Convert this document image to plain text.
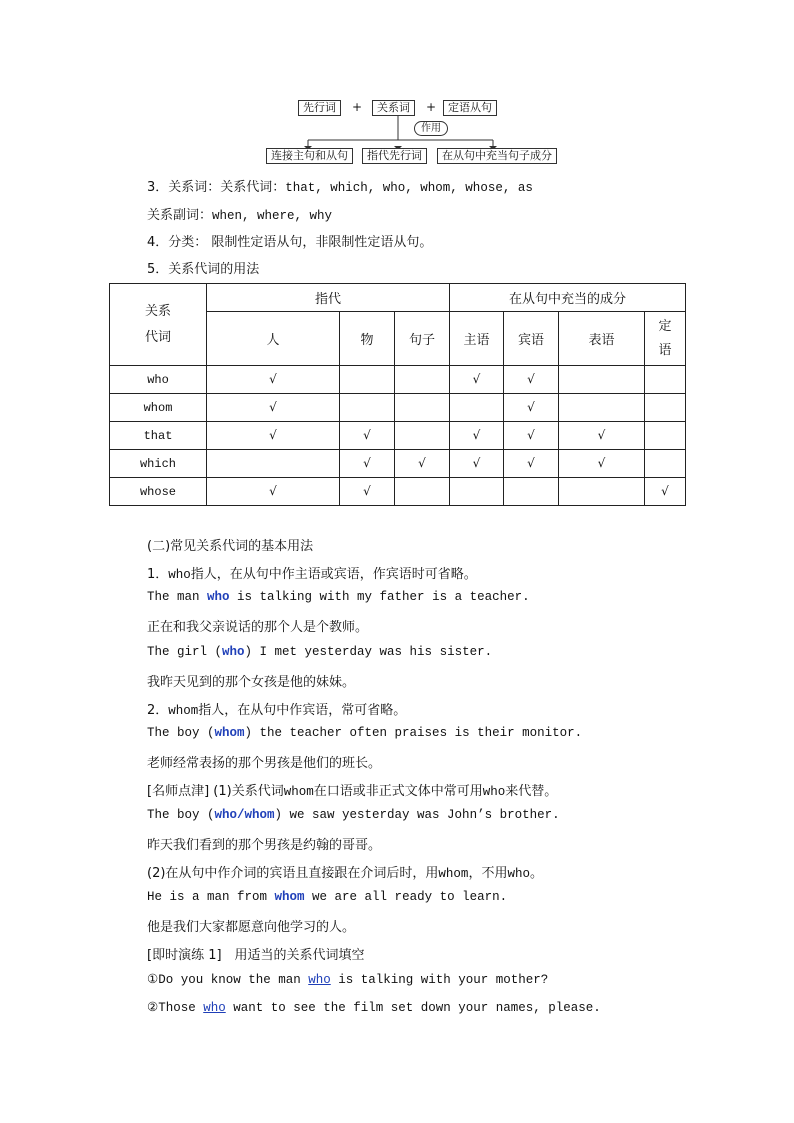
先行词	+	关系词	+	定语从句
作用
连接主句和从句	指代先行词	在从句中充当句子成分
3．关系词：关系代词：that, which, who, whom, whose, as
关系副词：when, where, why
4．分类： 限制性定语从句，非限制性定语从句。
5．关系代词的用法
关系
代词	指代			在从句中充当的成分			
	人	物	句子	主语	宾语	表语	定
语

who	√			√	√		
whom	√				√		
that	√	√		√	√	√	
which		√	√	√	√	√	
whose	√	√					√
(二)常见关系代词的基本用法
1．who指人，在从句中作主语或宾语，作宾语时可省略。
The man who is talking with my father is a teacher.
正在和我父亲说话的那个人是个教师。
The girl (who) I met yesterday was his sister.
我昨天见到的那个女孩是他的妹妹。
2．whom指人，在从句中作宾语，常可省略。
The boy (whom) the teacher often praises is their monitor.
老师经常表扬的那个男孩是他们的班长。
[名师点津] (1)关系代词whom在口语或非正式文体中常可用who来代替。
The boy (who/whom) we saw yesterday was John’s brother.
昨天我们看到的那个男孩是约翰的哥哥。
(2)在从句中作介词的宾语且直接跟在介词后时，用whom，不用who。
He is a man from whom we are all ready to learn.
他是我们大家都愿意向他学习的人。
[即时演练 1]　用适当的关系代词填空
①Do you know the man who is talking with your mother?
②Those who want to see the film set down your names, please.
